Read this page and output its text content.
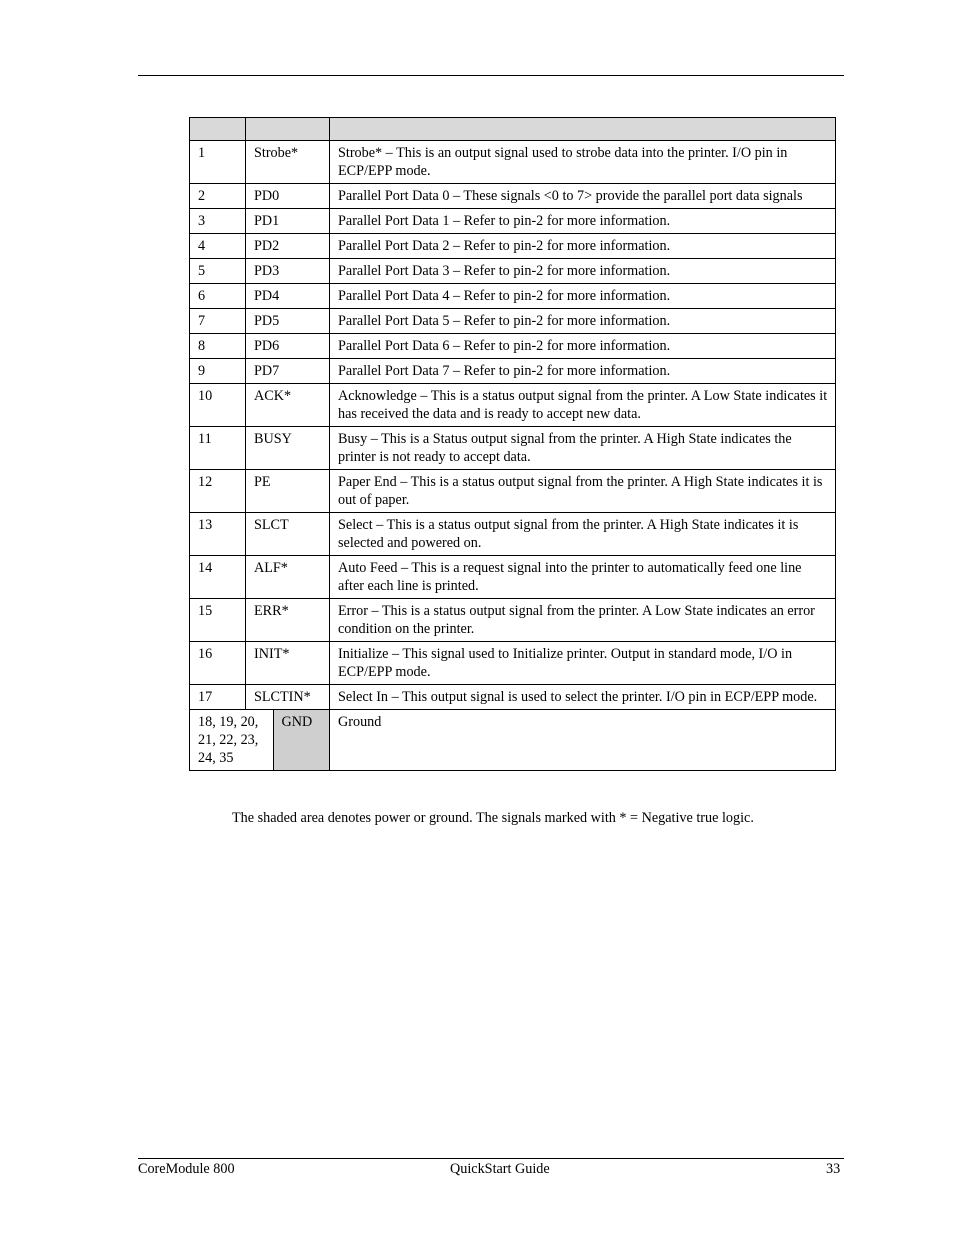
1	Strobe*	Strobe* – This is an output signal used to strobe data into the printer. I/O pin in ECP/EPP mode.
2	PD0	Parallel Port Data 0 – These signals <0 to 7> provide the parallel port data signals
3	PD1	Parallel Port Data 1 – Refer to pin-2 for more information.
4	PD2	Parallel Port Data 2 – Refer to pin-2 for more information.
5	PD3	Parallel Port Data 3 – Refer to pin-2 for more information.
6	PD4	Parallel Port Data 4 – Refer to pin-2 for more information.
7	PD5	Parallel Port Data 5 – Refer to pin-2 for more information.
8	PD6	Parallel Port Data 6 – Refer to pin-2 for more information.
9	PD7	Parallel Port Data 7 – Refer to pin-2 for more information.
10	ACK*	Acknowledge – This is a status output signal from the printer. A Low State indicates it has received the data and is ready to accept new data.
11	BUSY	Busy – This is a Status output signal from the printer. A High State indicates the printer is not ready to accept data.
12	PE	Paper End – This is a status output signal from the printer. A High State indicates it is out of paper.
13	SLCT	Select – This is a status output signal from the printer. A High State indicates it is selected and powered on.
14	ALF*	Auto Feed – This is a request signal into the printer to automatically feed one line after each line is printed.
15	ERR*	Error – This is a status output signal from the printer. A Low State indicates an error condition on the printer.
16	INIT*	Initialize – This signal used to Initialize printer. Output in standard mode, I/O in ECP/EPP mode.
17	SLCTIN*	Select In – This output signal is used to select the printer. I/O pin in ECP/EPP mode.

18, 19, 20, 21, 22, 23, 24, 35	GND	Ground
The shaded area denotes power or ground. The signals marked with * = Negative true logic.
CoreModule 800	QuickStart Guide	33
